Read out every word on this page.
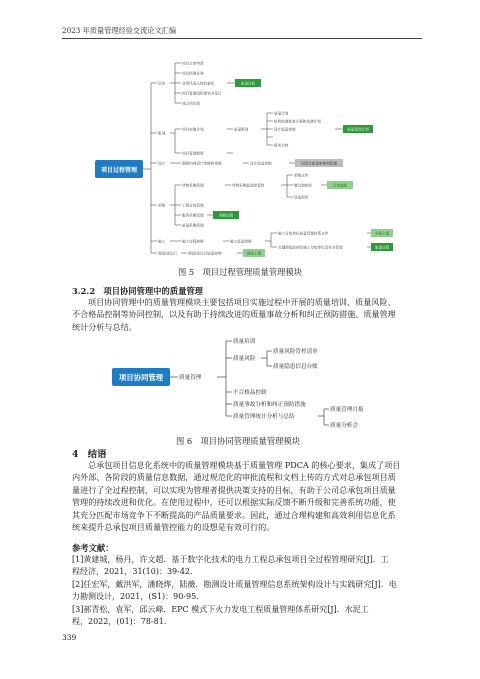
2023 年质量管理经验交流论文汇编
项目过程管理
启动
项目立项申请
项目经理任命
业绩代表人授权委托
项目管理组织策划书签订
成立项目部
策划
项目实施计划	质量策划
质量计划
检验检测批查方案和检测计划
设计质量控制
报优与特
项目管理制度
设计	图纸内部设计审核和审查	设计质量控制
采购
货物采购管理	货物采购监造和管控
采购文件
催交和检验
设备到货
工程分包管理
服务采购管理
质量采购管理
施工	施工过程控制	施工质量控制
施工分包单位质量管理体系文件
关键和危险部位施工分包单位及安全管理
调试/试运行	调试/试运行质量控制
质量目标
质量管理计划
初设计质量审核和管理
订单追踪
采购过程
方案上报
质量过程
调试上报
图 5　项目过程管理质量管理模块
3.2.2　项目协同管理中的质量管理
项目协同管理中的质量管理模块主要包括项目实施过程中开展的质量培训、质量风险、
不合格品控制等协同控制，以及有助于持续改进的质量事故分析和纠正预防措施、质量管理
统计分析与总结。
项目协同管理	质量管理
质量培训
质量风险
不合格品控制
质量事故分析和纠正预防措施
质量管理统计分析与总结
质量风险管控清单
质量隐患信息台账
质量管理月报
质量分析会
图 6　项目协同管理质量管理模块
4　结语
总承包项目信息化系统中的质量管理模块基于质量管理 PDCA 的核心要求，集成了项目
内外部、各阶段的质量信息数据，通过规范化的审批流程和文档上传的方式对总承包项目质
量进行了全过程控制，可以实现为管理者提供决策支持的目标，有助于公司总承包项目质量
管理的持续改进和优化。在使用过程中，还可以根据实际反馈不断升级和完善系统功能，使
其充分匹配市场竞争下不断提高的产品质量要求。因此，通过合理构建和高效利用信息化系
统来提升总承包项目质量管控能力的设想是有效可行的。
参考文献：
[1]黄建城，杨丹，许文超．基于数字化技术的电力工程总承包项目全过程管理研究[J]．工
程经济，2021，31(10)：39-42．
[2]任宏军，戴洪军，潘晓烨，陆薇．勘测设计质量管理信息系统架构设计与实践研究[J]．电
力勘测设计，2021，(S1)：90-95．
[3]郝青松，袁军，邱云峰．EPC 模式下火力发电工程质量管理体系研究[J]．水泥工
程，2022，(01)：78-81．
339
